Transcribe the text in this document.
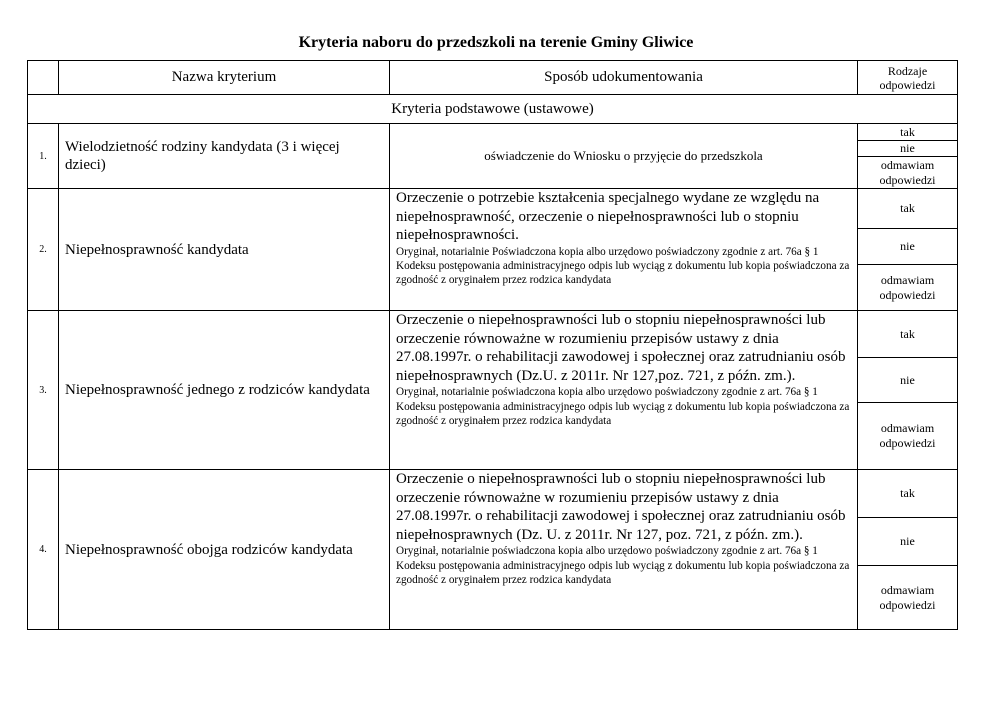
Kryteria naboru do przedszkoli na terenie Gminy Gliwice
	Nazwa kryterium	Sposób udokumentowania	Rodzaje
odpowiedzi
Kryteria podstawowe (ustawowe)			
1.	Wielodzietność rodziny kandydata (3 i więcej dzieci)	oświadczenie do Wniosku o przyjęcie do przedszkola	tak
			nie
			odmawiam
odpowiedzi
2.	Niepełnosprawność kandydata	Orzeczenie o potrzebie kształcenia specjalnego wydane ze względu na niepełnosprawność, orzeczenie o niepełnosprawności lub o stopniu niepełnosprawności.
Oryginał, notarialnie Poświadczona kopia albo urzędowo poświadczony zgodnie z art. 76a § 1 Kodeksu postępowania administracyjnego odpis lub wyciąg z dokumentu lub kopia poświadczona za zgodność z oryginałem przez rodzica kandydata	tak
			nie
			odmawiam
odpowiedzi
3.	Niepełnosprawność jednego z rodziców kandydata	Orzeczenie o niepełnosprawności lub o stopniu niepełnosprawności lub orzeczenie równoważne w rozumieniu przepisów ustawy z dnia 27.08.1997r. o rehabilitacji zawodowej i społecznej oraz zatrudnianiu osób niepełnosprawnych (Dz.U. z 2011r. Nr 127,poz. 721, z późn. zm.).
Oryginał, notarialnie poświadczona kopia albo urzędowo poświadczony zgodnie z art. 76a § 1 Kodeksu postępowania administracyjnego odpis lub wyciąg z dokumentu lub kopia poświadczona za zgodność z oryginałem przez rodzica kandydata	tak
			nie
			odmawiam
odpowiedzi
4.	Niepełnosprawność obojga rodziców kandydata	Orzeczenie o niepełnosprawności lub o stopniu niepełnosprawności lub orzeczenie równoważne w rozumieniu przepisów ustawy z dnia 27.08.1997r. o rehabilitacji zawodowej i społecznej oraz zatrudnianiu osób niepełnosprawnych (Dz. U. z 2011r. Nr 127, poz. 721, z późn. zm.).
Oryginał, notarialnie poświadczona kopia albo urzędowo poświadczony zgodnie z art. 76a § 1 Kodeksu postępowania administracyjnego odpis lub wyciąg z dokumentu lub kopia poświadczona za zgodność z oryginałem przez rodzica kandydata	tak
			nie
			odmawiam
odpowiedzi
